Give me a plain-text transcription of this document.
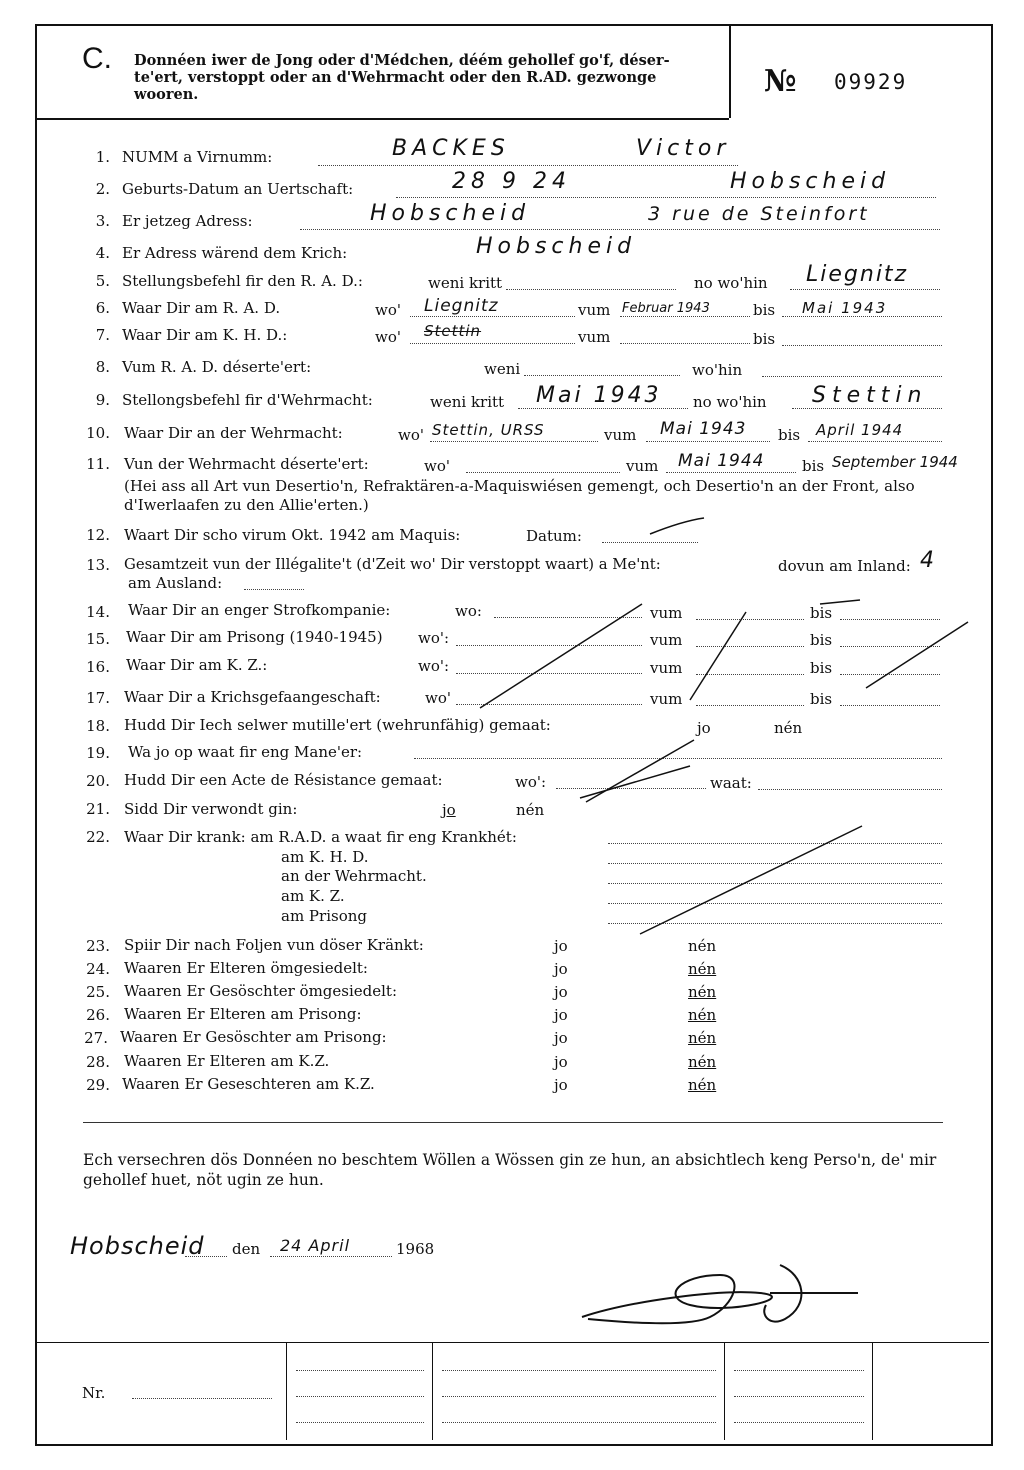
C. Donnéen iwer de Jong oder d'Médchen, déém gehollef go'f, déser-
te'ert, verstoppt oder an d'Wehrmacht oder den R.AD. gezwonge
wooren.	№ 09929
1. NUMM a Virnumm:	BACKES	Victor
2. Geburts-Datum an Uertschaft:	28 9 24	Hobscheid
3. Er jetzeg Adress:	Hobscheid	3 rue de Steinfort
4. Er Adress wärend dem Krich:	Hobscheid
5. Stellungsbefehl fir den R. A. D.:	weni kritt	no wo'hin Liegnitz
6. Waar Dir am R. A. D.	wo' Liegnitz	vum Februar 1943	bis Mai 1943
7. Waar Dir am K. H. D.:	wo' Stettin	vum	bis
8. Vum R. A. D. déserte'ert:	weni	wo'hin
9. Stellongsbefehl fir d'Wehrmacht:	weni kritt Mai 1943 no wo'hin Stettin
10. Waar Dir an der Wehrmacht:	wo' Stettin, URSS	vum Mai 1943 bis April 1944
11. Vun der Wehrmacht déserte'ert:	wo'	vum Mai 1944	bis September 1944
(Hei ass all Art vun Desertio'n, Refraktären-a-Maquiswiésen gemengt, och Desertio'n an der Front, also d'Iwerlaafen zu den Allie'erten.)
12. Waart Dir scho virum Okt. 1942 am Maquis:	Datum:
13. Gesamtzeit vun der Illégalite't (d'Zeit wo' Dir verstoppt waart) a Me'nt:	dovun am Inland: 4
am Ausland:
14. Waar Dir an enger Strofkompanie:	wo:	vum	bis
15. Waar Dir am Prisong (1940-1945) wo':	vum	bis
16. Waar Dir am K. Z.:	wo':	vum	bis
17. Waar Dir a Krichsgefaangeschaft:	wo'	vum	bis
18. Hudd Dir Iech selwer mutille'ert (wehrunfähig) gemaat:	jo	nén
19. Wa jo op waat fir eng Mane'er:
20. Hudd Dir een Acte de Résistance gemaat:	wo':	waat:
21. Sidd Dir verwondt gin:	jo	nén
22. Waar Dir krank: am R.A.D. a waat fir eng Krankhét:
am K. H. D.
an der Wehrmacht.
am K. Z.
am Prisong
23. Spiir Dir nach Foljen vun döser Kränkt:	jo	nén
24. Waaren Er Elteren ömgesiedelt:	jo	nén
25. Waaren Er Gesöschter ömgesiedelt:	jo	nén
26. Waaren Er Elteren am Prisong:	jo	nén
27. Waaren Er Gesöschter am Prisong:	jo	nén
28. Waaren Er Elteren am K.Z.	jo	nén
29. Waaren Er Geseschteren am K.Z.	jo	nén
Ech versechren dös Donnéen no beschtem Wöllen a Wössen gin ze hun, an absichtlech keng Perso'n, de' mir gehollef huet, nöt ugin ze hun.
Hobscheid den 24 April	1968
Nr.
